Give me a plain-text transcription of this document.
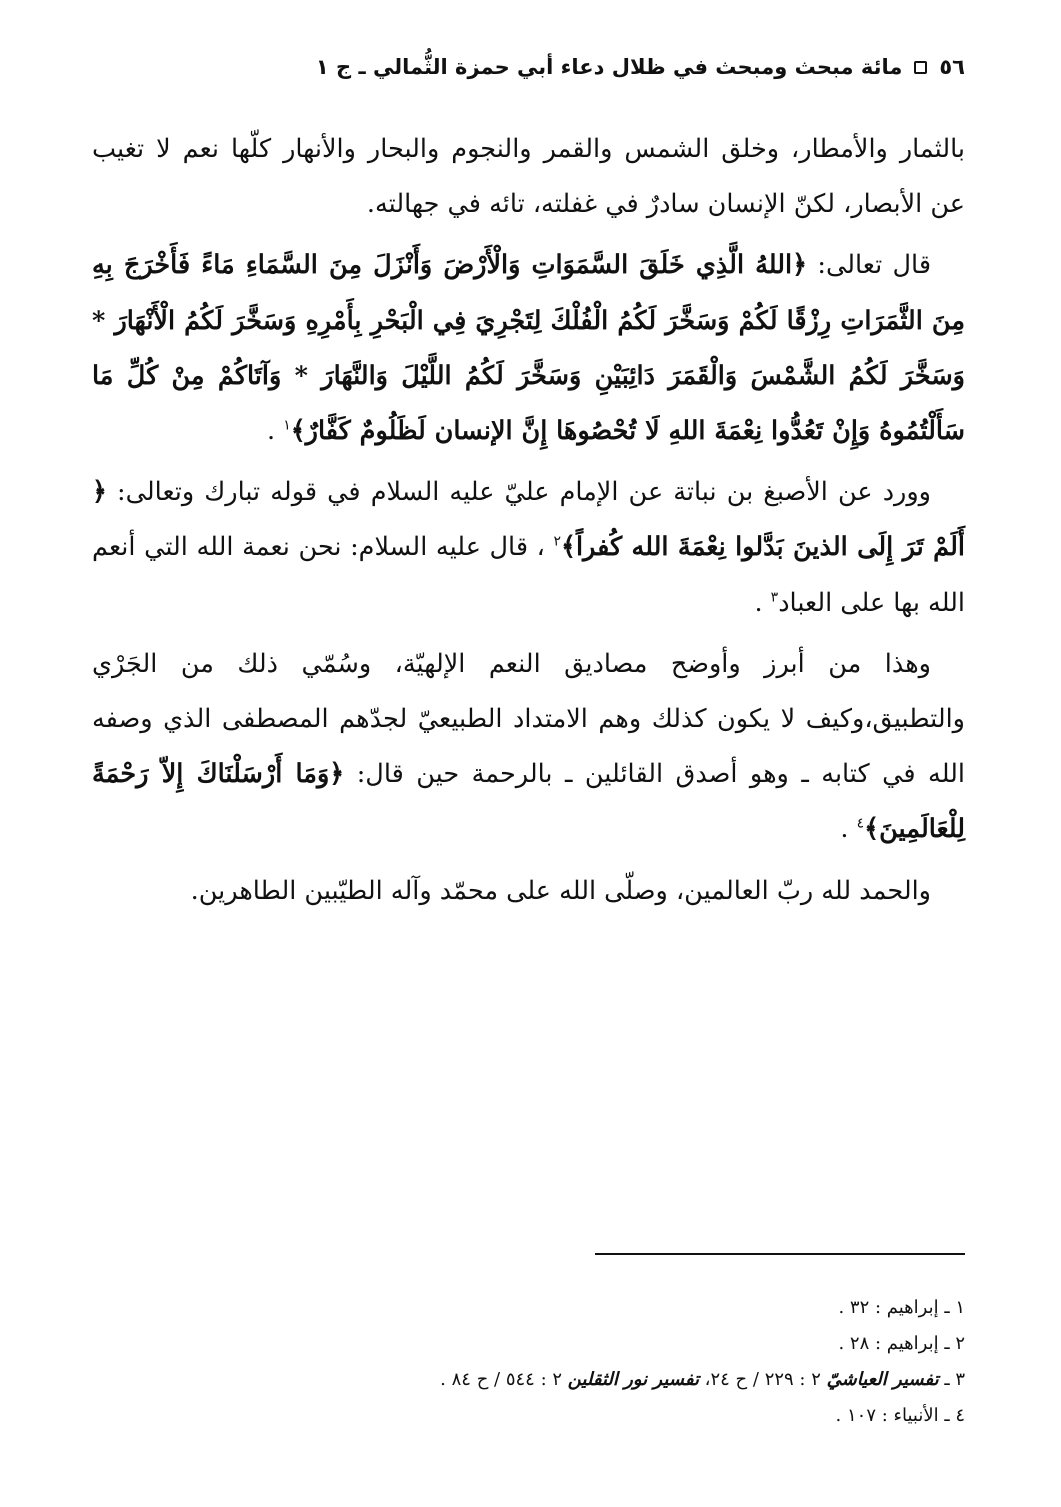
٥٦
مائة مبحث ومبحث في ظلال دعاء أبي حمزة الثُّمالي ـ ج ١

بالثمار والأمطار، وخلق الشمس والقمر والنجوم والبحار والأنهار كلّها نعم لا تغيب عن الأبصار، لكنّ الإنسان سادرٌ في غفلته، تائه في جهالته.

قال تعالى: ﴿اللهُ الَّذِي خَلَقَ السَّمَوَاتِ وَالْأَرْضَ وَأَنْزَلَ مِنَ السَّمَاءِ مَاءً فَأَخْرَجَ بِهِ مِنَ الثَّمَرَاتِ رِزْقًا لَكُمْ وَسَخَّرَ لَكُمُ الْفُلْكَ لِتَجْرِيَ فِي الْبَحْرِ بِأَمْرِهِ وَسَخَّرَ لَكُمُ الْأَنْهَارَ * وَسَخَّرَ لَكُمُ الشَّمْسَ وَالْقَمَرَ دَائِبَيْنِ وَسَخَّرَ لَكُمُ اللَّيْلَ وَالنَّهَارَ * وَآتَاكُمْ مِنْ كُلِّ مَا سَأَلْتُمُوهُ وَإِنْ تَعُدُّوا نِعْمَةَ اللهِ لَا تُحْصُوهَا إِنَّ الإنسان لَظَلُومٌ كَفَّارٌ﴾$^١$ .

وورد عن الأصبغ بن نباتة عن الإمام عليّ عليه السلام في قوله تبارك وتعالى: ﴿ أَلَمْ تَرَ إِلَى الذينَ بَدَّلوا نِعْمَةَ الله كُفراً﴾$^٢$ ، قال عليه السلام: نحن نعمة الله التي أنعم الله بها على العباد$^٣$ .

وهذا من أبرز وأوضح مصاديق النعم الإلهيّة، وسُمّي ذلك من الجَرْي والتطبيق،وكيف لا يكون كذلك وهم الامتداد الطبيعيّ لجدّهم المصطفى الذي وصفه الله في كتابه ـ وهو أصدق القائلين ـ بالرحمة حين قال: ﴿وَمَا أَرْسَلْنَاكَ إِلاّ رَحْمَةً لِلْعَالَمِينَ﴾$^٤$ .

والحمد لله ربّ العالمين، وصلّى الله على محمّد وآله الطيّبين الطاهرين.

١ ـ إبراهيم : ٣٢ .
٢ ـ إبراهيم : ٢٨ .
٣ ـ تفسير العياشيّ ٢ : ٢٢٩ / ح ٢٤، تفسير نور الثقلين ٢ : ٥٤٤ / ح ٨٤ .
٤ ـ الأنبياء : ١٠٧ .
